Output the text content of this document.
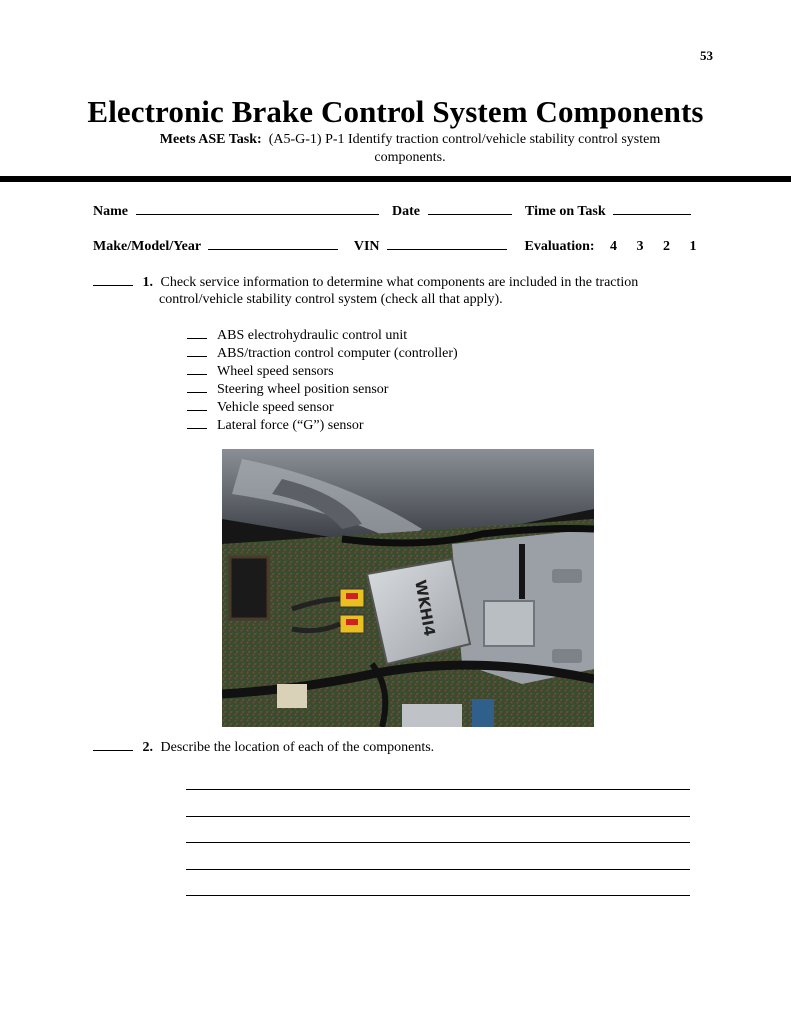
53
Electronic Brake Control System Components
Meets ASE Task: (A5-G-1) P-1 Identify traction control/vehicle stability control system
components.
Name	Date	Time on Task
Make/Model/Year	VIN	Evaluation: 4 3 2 1
1. Check service information to determine what components are included in the traction
control/vehicle stability control system (check all that apply).
ABS electrohydraulic control unit
ABS/traction control computer (controller)
Wheel speed sensors
Steering wheel position sensor
Vehicle speed sensor
Lateral force (“G”) sensor
WKHI4
2. Describe the location of each of the components.
